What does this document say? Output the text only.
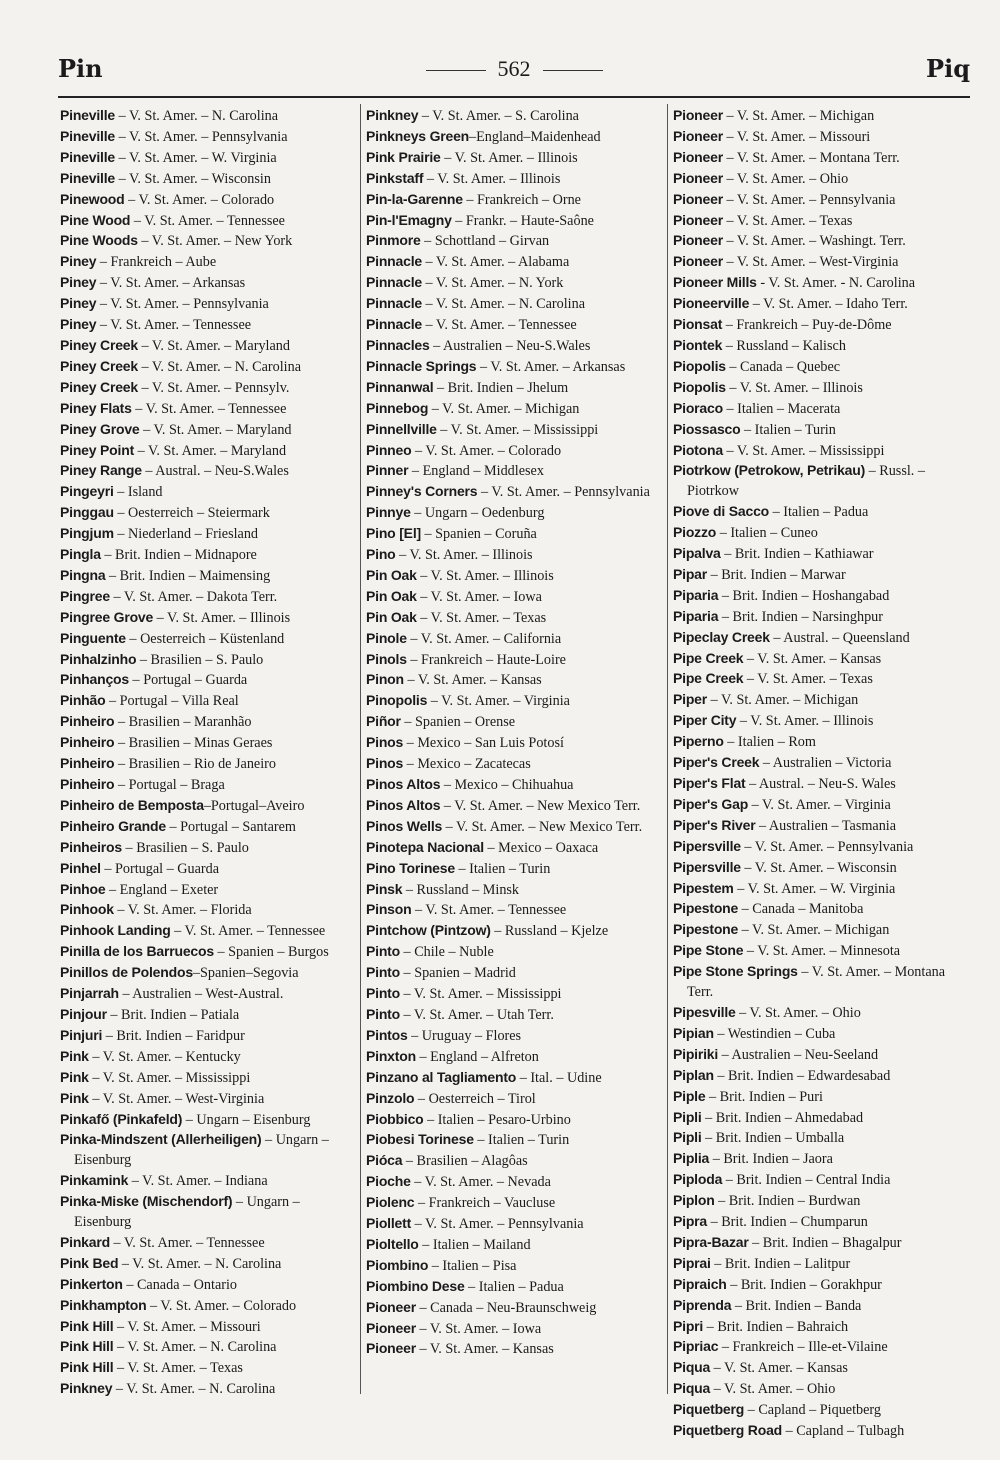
Pin	562	Piq
Pineville – V. St. Amer. – N. Carolina
Pineville – V. St. Amer. – Pennsylvania
Pineville – V. St. Amer. – W. Virginia
Pineville – V. St. Amer. – Wisconsin
Pinewood – V. St. Amer. – Colorado
Pine Wood – V. St. Amer. – Tennessee
Pine Woods – V. St. Amer. – New York
Piney – Frankreich – Aube
Piney – V. St. Amer. – Arkansas
Piney – V. St. Amer. – Pennsylvania
Piney – V. St. Amer. – Tennessee
Piney Creek – V. St. Amer. – Maryland
Piney Creek – V. St. Amer. – N. Carolina
Piney Creek – V. St. Amer. – Pennsylv.
Piney Flats – V. St. Amer. – Tennessee
Piney Grove – V. St. Amer. – Maryland
Piney Point – V. St. Amer. – Maryland
Piney Range – Austral. – Neu-S.Wales
Pingeyri – Island
Pinggau – Oesterreich – Steiermark
Pingjum – Niederland – Friesland
Pingla – Brit. Indien – Midnapore
Pingna – Brit. Indien – Maimensing
Pingree – V. St. Amer. – Dakota Terr.
Pingree Grove – V. St. Amer. – Illinois
Pinguente – Oesterreich – Küstenland
Pinhalzinho – Brasilien – S. Paulo
Pinhanços – Portugal – Guarda
Pinhão – Portugal – Villa Real
Pinheiro – Brasilien – Maranhão
Pinheiro – Brasilien – Minas Geraes
Pinheiro – Brasilien – Rio de Janeiro
Pinheiro – Portugal – Braga
Pinheiro de Bemposta–Portugal–Aveiro
Pinheiro Grande – Portugal – Santarem
Pinheiros – Brasilien – S. Paulo
Pinhel – Portugal – Guarda
Pinhoe – England – Exeter
Pinhook – V. St. Amer. – Florida
Pinhook Landing – V. St. Amer. – Tennessee
Pinilla de los Barruecos – Spanien – Burgos
Pinillos de Polendos–Spanien–Segovia
Pinjarrah – Australien – West-Austral.
Pinjour – Brit. Indien – Patiala
Pinjuri – Brit. Indien – Faridpur
Pink – V. St. Amer. – Kentucky
Pink – V. St. Amer. – Mississippi
Pink – V. St. Amer. – West-Virginia
Pinkafő (Pinkafeld) – Ungarn – Eisenburg
Pinka-Mindszent (Allerheiligen) – Ungarn – Eisenburg
Pinkamink – V. St. Amer. – Indiana
Pinka-Miske (Mischendorf) – Ungarn – Eisenburg
Pinkard – V. St. Amer. – Tennessee
Pink Bed – V. St. Amer. – N. Carolina
Pinkerton – Canada – Ontario
Pinkhampton – V. St. Amer. – Colorado
Pink Hill – V. St. Amer. – Missouri
Pink Hill – V. St. Amer. – N. Carolina
Pink Hill – V. St. Amer. – Texas
Pinkney – V. St. Amer. – N. Carolina
Pinkney – V. St. Amer. – S. Carolina
Pinkneys Green–England–Maidenhead
Pink Prairie – V. St. Amer. – Illinois
Pinkstaff – V. St. Amer. – Illinois
Pin-la-Garenne – Frankreich – Orne
Pin-l'Emagny – Frankr. – Haute-Saône
Pinmore – Schottland – Girvan
Pinnacle – V. St. Amer. – Alabama
Pinnacle – V. St. Amer. – N. York
Pinnacle – V. St. Amer. – N. Carolina
Pinnacle – V. St. Amer. – Tennessee
Pinnacles – Australien – Neu-S.Wales
Pinnacle Springs – V. St. Amer. – Arkansas
Pinnanwal – Brit. Indien – Jhelum
Pinnebog – V. St. Amer. – Michigan
Pinnellville – V. St. Amer. – Mississippi
Pinneo – V. St. Amer. – Colorado
Pinner – England – Middlesex
Pinney's Corners – V. St. Amer. – Pennsylvania
Pinnye – Ungarn – Oedenburg
Pino [El] – Spanien – Coruña
Pino – V. St. Amer. – Illinois
Pin Oak – V. St. Amer. – Illinois
Pin Oak – V. St. Amer. – Iowa
Pin Oak – V. St. Amer. – Texas
Pinole – V. St. Amer. – California
Pinols – Frankreich – Haute-Loire
Pinon – V. St. Amer. – Kansas
Pinopolis – V. St. Amer. – Virginia
Piñor – Spanien – Orense
Pinos – Mexico – San Luis Potosí
Pinos – Mexico – Zacatecas
Pinos Altos – Mexico – Chihuahua
Pinos Altos – V. St. Amer. – New Mexico Terr.
Pinos Wells – V. St. Amer. – New Mexico Terr.
Pinotepa Nacional – Mexico – Oaxaca
Pino Torinese – Italien – Turin
Pinsk – Russland – Minsk
Pinson – V. St. Amer. – Tennessee
Pintchow (Pintzow) – Russland – Kjelze
Pinto – Chile – Nuble
Pinto – Spanien – Madrid
Pinto – V. St. Amer. – Mississippi
Pinto – V. St. Amer. – Utah Terr.
Pintos – Uruguay – Flores
Pinxton – England – Alfreton
Pinzano al Tagliamento – Ital. – Udine
Pinzolo – Oesterreich – Tirol
Piobbico – Italien – Pesaro-Urbino
Piobesi Torinese – Italien – Turin
Pióca – Brasilien – Alagôas
Pioche – V. St. Amer. – Nevada
Piolenc – Frankreich – Vaucluse
Piollett – V. St. Amer. – Pennsylvania
Pioltello – Italien – Mailand
Piombino – Italien – Pisa
Piombino Dese – Italien – Padua
Pioneer – Canada – Neu-Braunschweig
Pioneer – V. St. Amer. – Iowa
Pioneer – V. St. Amer. – Kansas
Pioneer – V. St. Amer. – Michigan
Pioneer – V. St. Amer. – Missouri
Pioneer – V. St. Amer. – Montana Terr.
Pioneer – V. St. Amer. – Ohio
Pioneer – V. St. Amer. – Pennsylvania
Pioneer – V. St. Amer. – Texas
Pioneer – V. St. Amer. – Washingt. Terr.
Pioneer – V. St. Amer. – West-Virginia
Pioneer Mills - V. St. Amer. - N. Carolina
Pioneerville – V. St. Amer. – Idaho Terr.
Pionsat – Frankreich – Puy-de-Dôme
Piontek – Russland – Kalisch
Piopolis – Canada – Quebec
Piopolis – V. St. Amer. – Illinois
Pioraco – Italien – Macerata
Piossasco – Italien – Turin
Piotona – V. St. Amer. – Mississippi
Piotrkow (Petrokow, Petrikau) – Russl. – Piotrkow
Piove di Sacco – Italien – Padua
Piozzo – Italien – Cuneo
Pipalva – Brit. Indien – Kathiawar
Pipar – Brit. Indien – Marwar
Piparia – Brit. Indien – Hoshangabad
Piparia – Brit. Indien – Narsinghpur
Pipeclay Creek – Austral. – Queensland
Pipe Creek – V. St. Amer. – Kansas
Pipe Creek – V. St. Amer. – Texas
Piper – V. St. Amer. – Michigan
Piper City – V. St. Amer. – Illinois
Piperno – Italien – Rom
Piper's Creek – Australien – Victoria
Piper's Flat – Austral. – Neu-S. Wales
Piper's Gap – V. St. Amer. – Virginia
Piper's River – Australien – Tasmania
Pipersville – V. St. Amer. – Pennsylvania
Pipersville – V. St. Amer. – Wisconsin
Pipestem – V. St. Amer. – W. Virginia
Pipestone – Canada – Manitoba
Pipestone – V. St. Amer. – Michigan
Pipe Stone – V. St. Amer. – Minnesota
Pipe Stone Springs – V. St. Amer. – Montana Terr.
Pipesville – V. St. Amer. – Ohio
Pipian – Westindien – Cuba
Pipiriki – Australien – Neu-Seeland
Piplan – Brit. Indien – Edwardesabad
Piple – Brit. Indien – Puri
Pipli – Brit. Indien – Ahmedabad
Pipli – Brit. Indien – Umballa
Piplia – Brit. Indien – Jaora
Piploda – Brit. Indien – Central India
Piplon – Brit. Indien – Burdwan
Pipra – Brit. Indien – Chumparun
Pipra-Bazar – Brit. Indien – Bhagalpur
Piprai – Brit. Indien – Lalitpur
Pipraich – Brit. Indien – Gorakhpur
Piprenda – Brit. Indien – Banda
Pipri – Brit. Indien – Bahraich
Pipriac – Frankreich – Ille-et-Vilaine
Piqua – V. St. Amer. – Kansas
Piqua – V. St. Amer. – Ohio
Piquetberg – Capland – Piquetberg
Piquetberg Road – Capland – Tulbagh
